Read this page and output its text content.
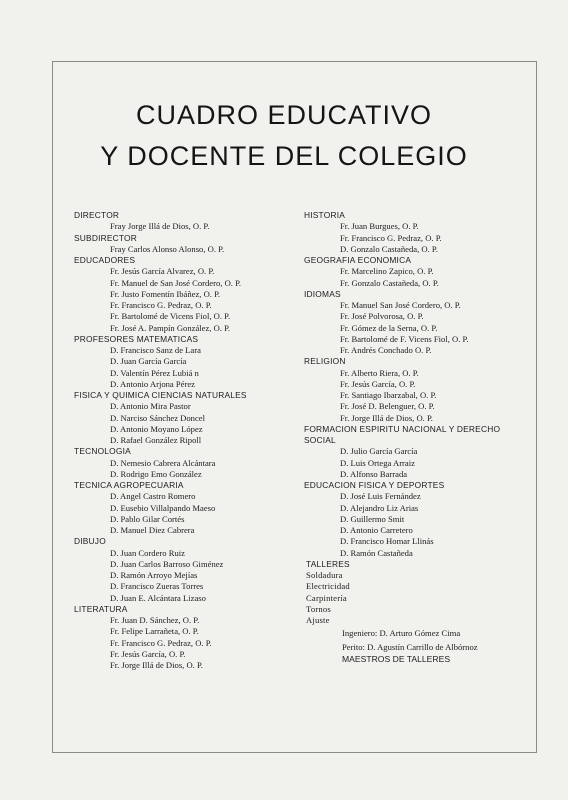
CUADRO EDUCATIVO
Y DOCENTE DEL COLEGIO
DIRECTOR
Fray Jorge Illá de Dios, O. P.
SUBDIRECTOR
Fray Carlos Alonso Alonso, O. P.
EDUCADORES
Fr. Jesús García Alvarez, O. P.
Fr. Manuel de San José Cordero, O. P.
Fr. Justo Fomentín Ibáñez, O. P.
Fr. Francisco G. Pedraz, O. P.
Fr. Bartolomé de Vicens Fiol, O. P.
Fr. José A. Pampín González, O. P.
PROFESORES MATEMATICAS
D. Francisco Sanz de Lara
D. Juan García García
D. Valentín Pérez Lubiá n
D. Antonio Arjona Pérez
FISICA Y QUIMICA CIENCIAS NATURALES
D. Antonio Mira Pastor
D. Narciso Sánchez Doncel
D. Antonio Moyano López
D. Rafael González Ripoll
TECNOLOGIA
D. Nemesio Cabrera Alcántara
D. Rodrigo Emo González
TECNICA AGROPECUARIA
D. Angel Castro Romero
D. Eusebio Villalpando Maeso
D. Pablo Gilar Cortés
D. Manuel Diez Cabrera
DIBUJO
D. Juan Cordero Ruiz
D. Juan Carlos Barroso Giménez
D. Ramón Arroyo Mejías
D. Francisco Zueras Torres
D. Juan E. Alcántara Lizaso
LITERATURA
Fr. Juan D. Sánchez, O. P.
Fr. Felipe Larrañeta, O. P.
Fr. Francisco G. Pedraz, O. P.
Fr. Jesús García, O. P.
Fr. Jorge Illá de Dios, O. P.
HISTORIA
Fr. Juan Burgues, O. P.
Fr. Francisco G. Pedraz, O. P.
D. Gonzalo Castañeda, O. P.
GEOGRAFIA ECONOMICA
Fr. Marcelino Zapico, O. P.
Fr. Gonzalo Castañeda, O. P.
IDIOMAS
Fr. Manuel San José Cordero, O. P.
Fr. José Polvorosa, O. P.
Fr. Gómez de la Serna, O. P.
Fr. Bartolomé de F. Vicens Fiol, O. P.
Fr. Andrés Conchado O. P.
RELIGION
Fr. Alberto Riera, O. P.
Fr. Jesús García, O. P.
Fr. Santiago Ibarzabal, O. P.
Fr. José D. Belenguer, O. P.
Fr. Jorge Illá de Dios, O. P.
FORMACION ESPIRITU NACIONAL Y DERECHO
SOCIAL
D. Julio García García
D. Luis Ortega Arraiz
D. Alfonso Barrada
EDUCACION FISICA Y DEPORTES
D. José Luis Fernández
D. Alejandro Liz Arias
D. Guillermo Smit
D. Antonio Carretero
D. Francisco Homar Llinás
D. Ramón Castañeda
TALLERES
Soldadura
Electricidad
Carpintería
Tornos
Ajuste
Ingeniero: D. Arturo Gómez Cima
Perito: D. Agustín Carrillo de Albórnoz
MAESTROS DE TALLERES
